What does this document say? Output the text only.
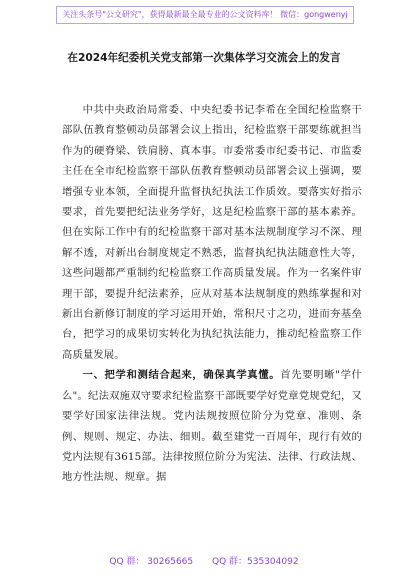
关注头条号"公文研究"，获得最新最全最专业的公文资料库！ 微信：gongwenyj
在2024年纪委机关党支部第一次集体学习交流会上的发言

中共中央政治局常委、中央纪委书记李希在全国纪检监察干部队伍教育整顿动员部署会议上指出，纪检监察干部要练就担当作为的硬脊梁、铁肩膀、真本事。市委常委市纪委书记、市监委主任在全市纪检监察干部队伍教育整顿动员部署会议上强调，要增强专业本领，全面提升监督执纪执法工作质效。要落实好指示要求，首先要把纪法业务学好，这是纪检监察干部的基本素养。但在实际工作中有的纪检监察干部对基本法规制度学习不深、理解不透，对新出台制度规定不熟悉，监督执纪执法随意性大等，这些问题都严重制约纪检监察工作高质量发展。作为一名案件审理干部，要提升纪法素养，应从对基本法规制度的熟练掌握和对新出台新修订制度的学习运用开始，常积尺寸之功，进而夯基垒台，把学习的成果切实转化为执纪执法能力，推动纪检监察工作高质量发展。

一、把学和测结合起来，确保真学真懂。首先要明晰"学什么"。纪法双施双守要求纪检监察干部既要学好党章党规党纪，又要学好国家法律法规。党内法规按照位阶分为党章、准则、条例、规则、规定、办法、细则。截至建党一百周年，现行有效的党内法规有3615部。法律按照位阶分为宪法、法律、行政法规、地方性法规、规章。据

QQ 群： 30265665 QQ 群：535304092
